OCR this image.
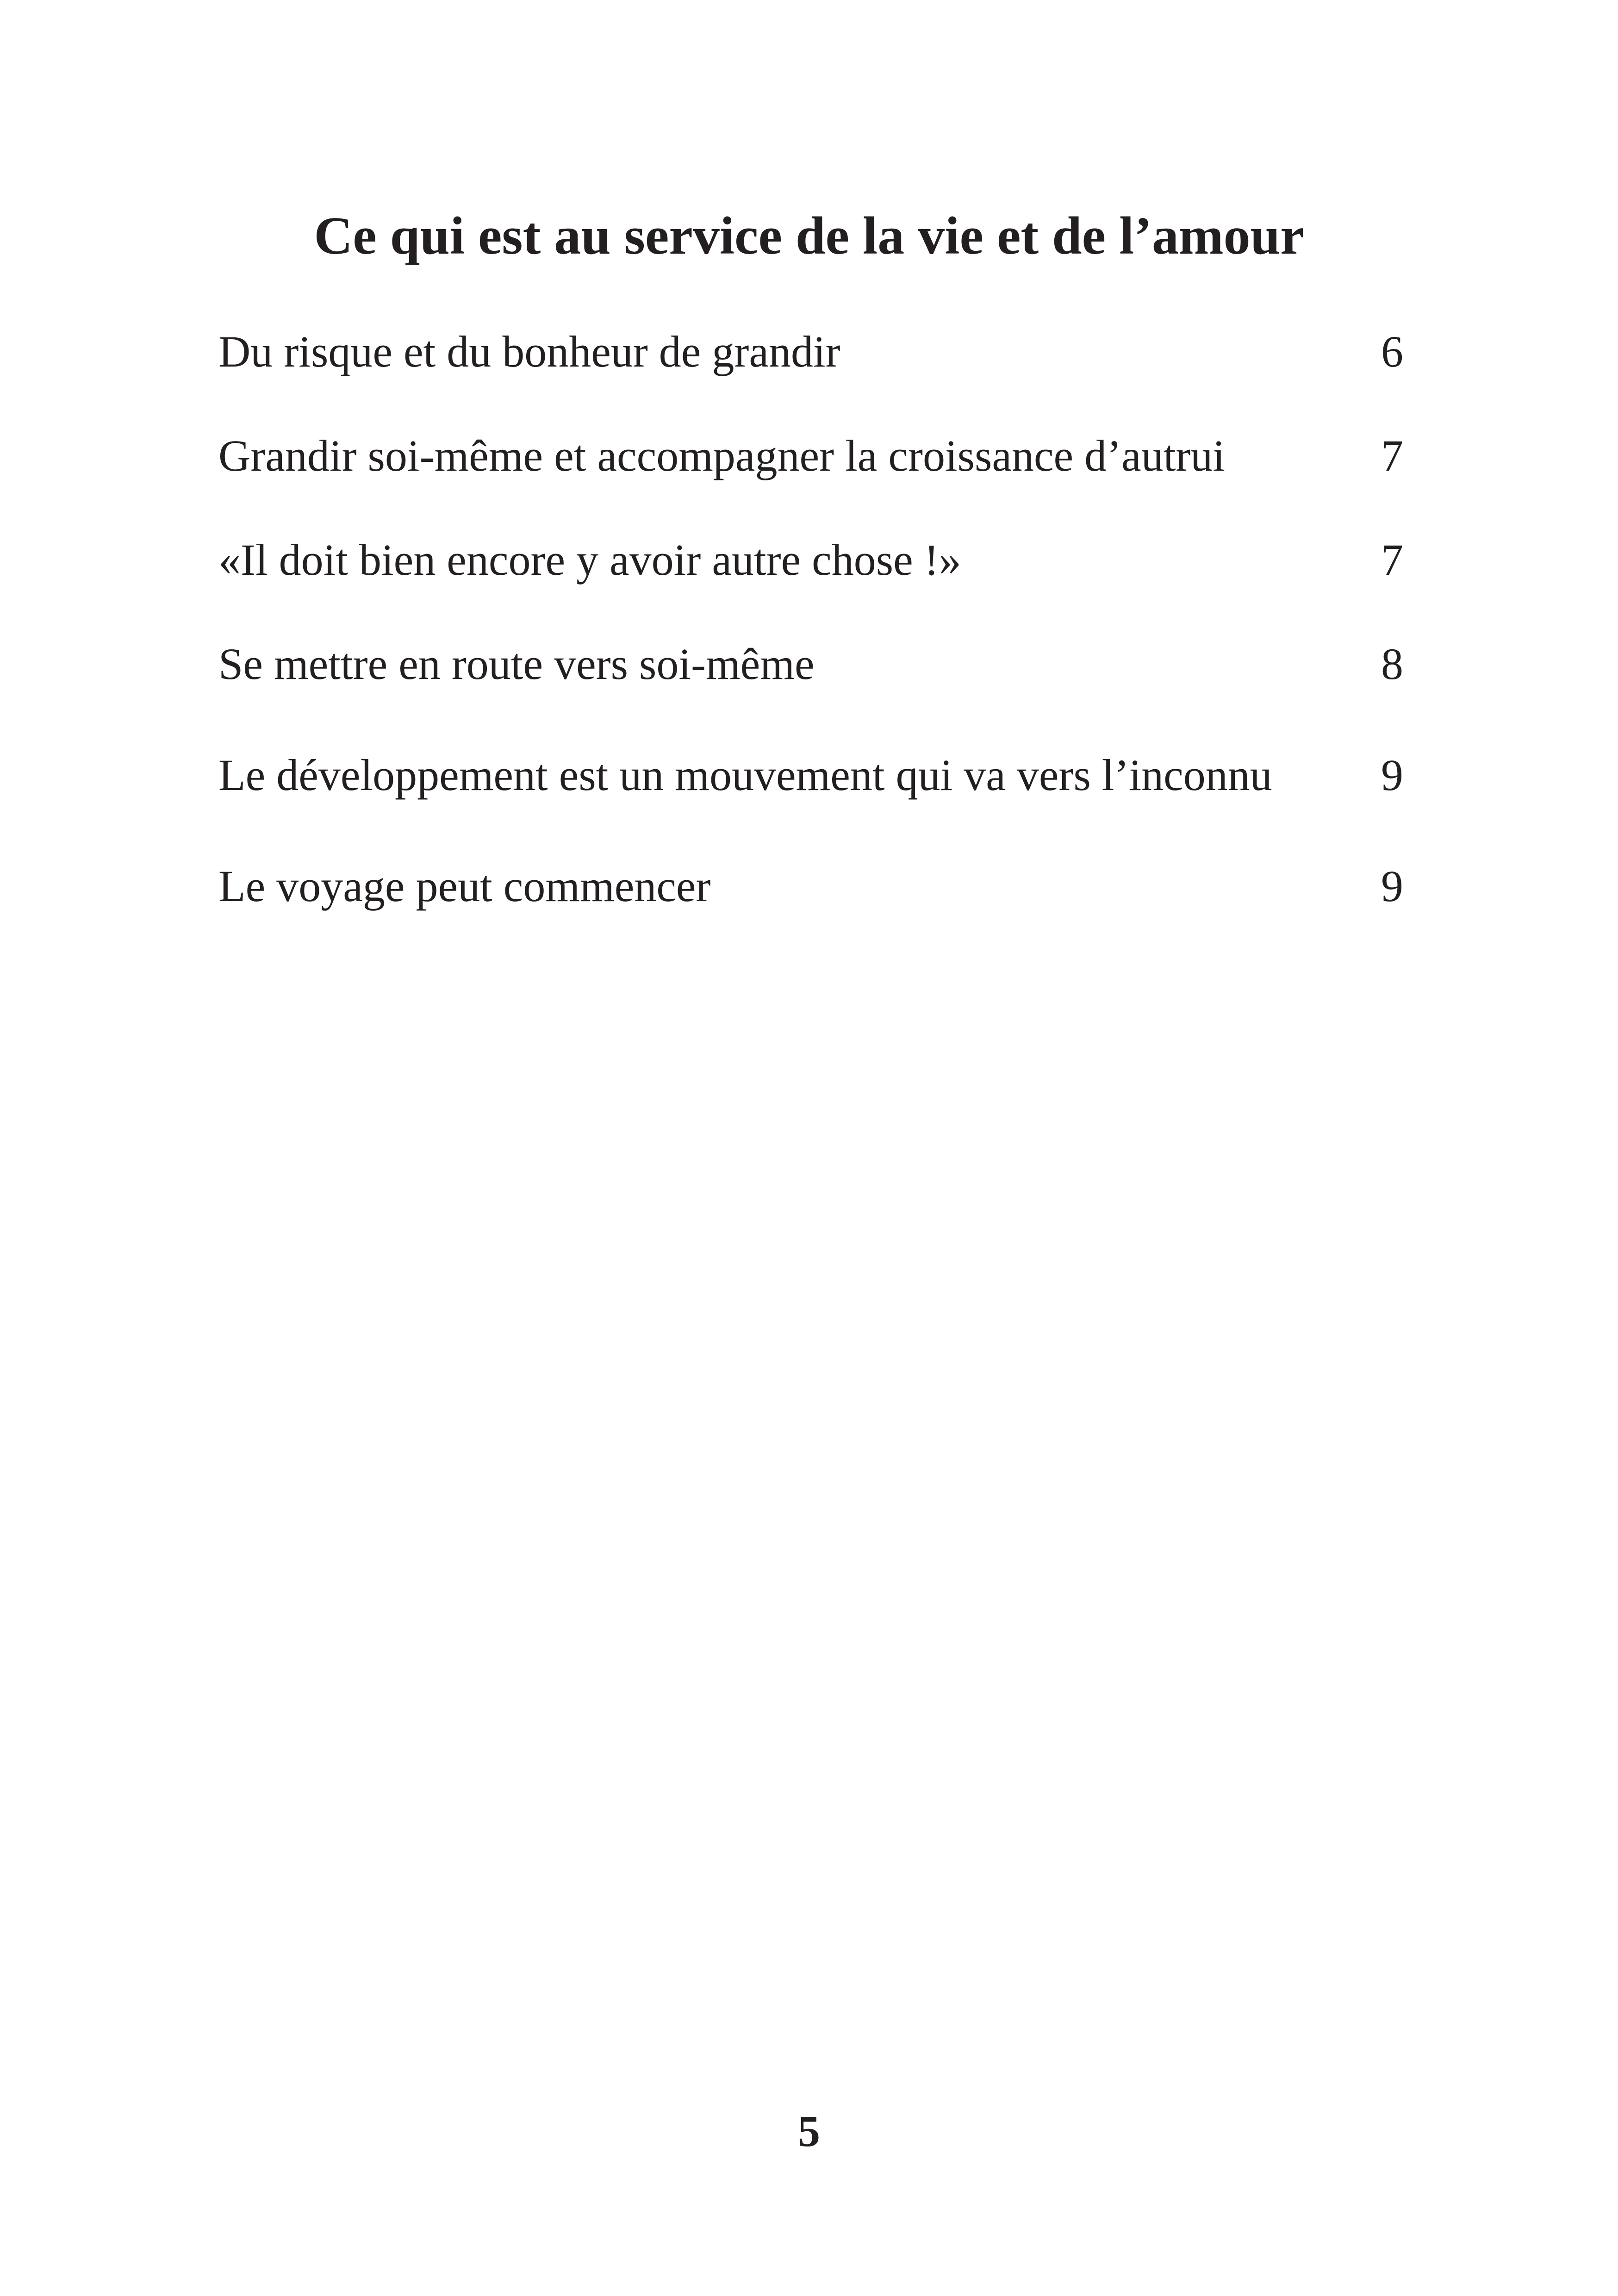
Ce qui est au service de la vie et de l’amour
Du risque et du bonheur de grandir	6
Grandir soi-même et accompagner la croissance d’autrui	7
«Il doit bien encore y avoir autre chose !»	7
Se mettre en route vers soi-même	8
Le développement est un mouvement qui va vers l’inconnu 9
Le voyage peut commencer	9
5
